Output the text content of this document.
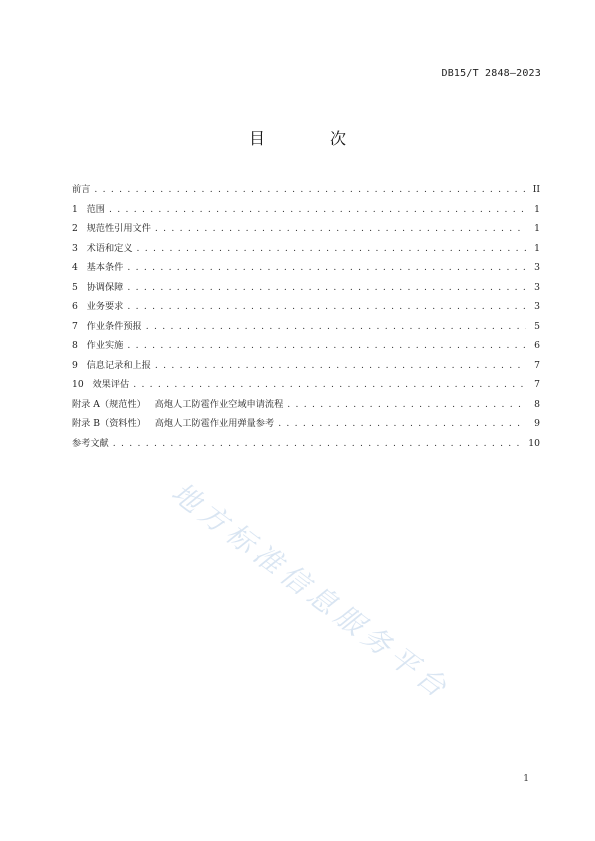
DB15/T 2848—2023
目 次
前言 . . .	II
1   范围 . . .	1
2   规范性引用文件 . . .	1
3   术语和定义 . . .	1
4   基本条件 . . .	3
5   协调保障 . . .	3
6   业务要求 . . .	3
7   作业条件预报 . . .	5
8   作业实施 . . .	6
9   信息记录和上报 . . .	7
10   效果评估 . . .	7
附录 A（规范性）   高炮人工防雹作业空域申请流程 . . .	8
附录 B（资料性）   高炮人工防雹作业用弹量参考 . . .	9
参考文献 . . .	10
地方标准信息服务平台
1
